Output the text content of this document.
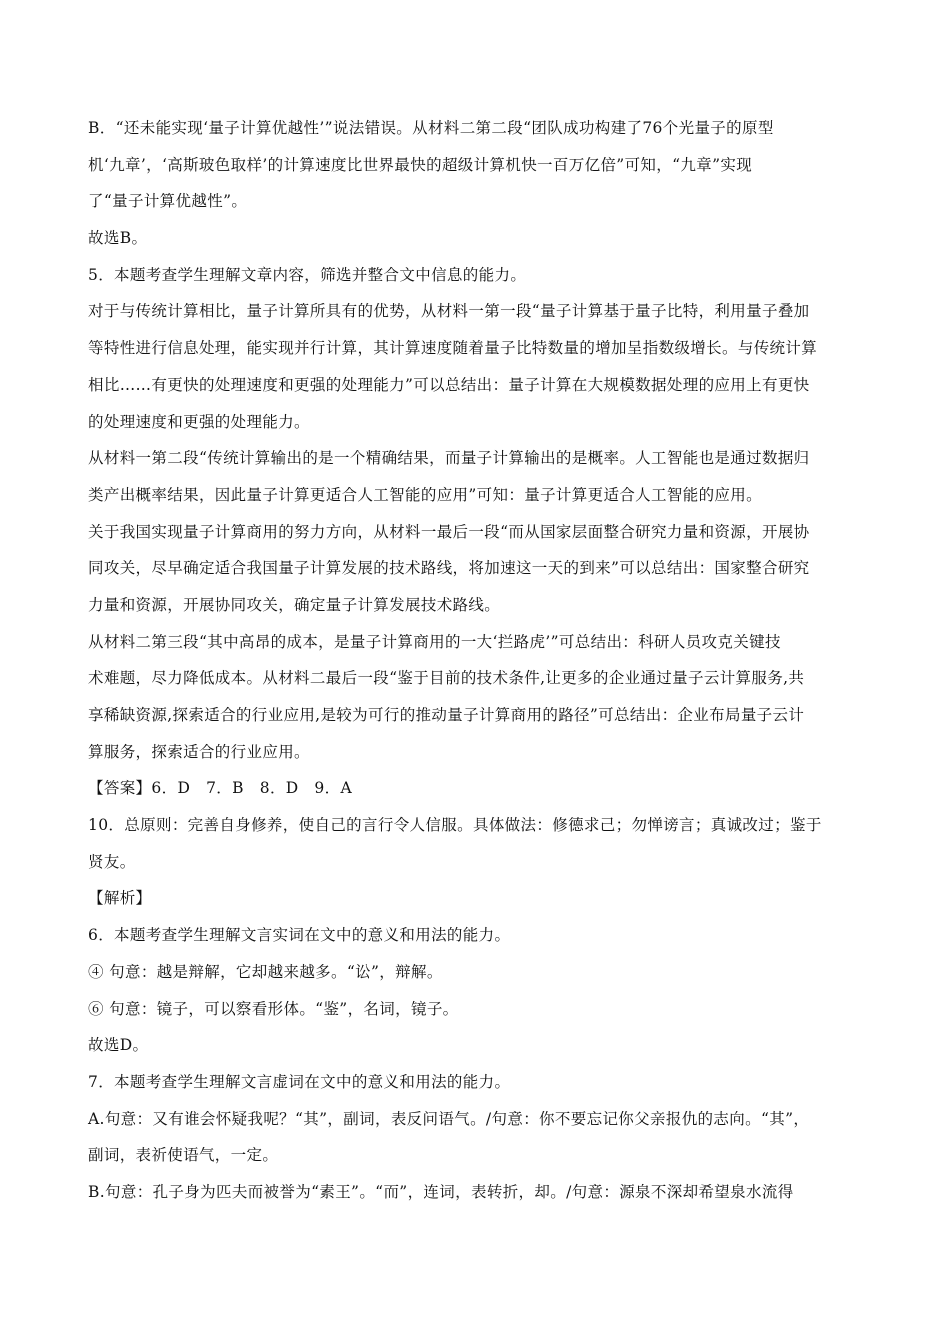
B．“还未能实现‘量子计算优越性’”说法错误。从材料二第二段“团队成功构建了76个光量子的原型
机‘九章’，‘高斯玻色取样’的计算速度比世界最快的超级计算机快一百万亿倍”可知，“九章”实现
了“量子计算优越性”。
故选B。
5．本题考查学生理解文章内容，筛选并整合文中信息的能力。
对于与传统计算相比，量子计算所具有的优势，从材料一第一段“量子计算基于量子比特，利用量子叠加
等特性进行信息处理，能实现并行计算，其计算速度随着量子比特数量的增加呈指数级增长。与传统计算
相比……有更快的处理速度和更强的处理能力”可以总结出：量子计算在大规模数据处理的应用上有更快
的处理速度和更强的处理能力。
从材料一第二段“传统计算输出的是一个精确结果，而量子计算输出的是概率。人工智能也是通过数据归
类产出概率结果，因此量子计算更适合人工智能的应用”可知：量子计算更适合人工智能的应用。
关于我国实现量子计算商用的努力方向，从材料一最后一段“而从国家层面整合研究力量和资源，开展协
同攻关，尽早确定适合我国量子计算发展的技术路线，将加速这一天的到来”可以总结出：国家整合研究
力量和资源，开展协同攻关，确定量子计算发展技术路线。
从材料二第三段“其中高昂的成本，是量子计算商用的一大‘拦路虎’”可总结出：科研人员攻克关键技
术难题，尽力降低成本。从材料二最后一段“鉴于目前的技术条件,让更多的企业通过量子云计算服务,共
享稀缺资源,探索适合的行业应用,是较为可行的推动量子计算商用的路径”可总结出：企业布局量子云计
算服务，探索适合的行业应用。
【答案】6．D　7．B　8．D　9．A
10．总原则：完善自身修养，使自己的言行令人信服。具体做法：修德求己；勿惮谤言；真诚改过；鉴于
贤友。
【解析】
6．本题考查学生理解文言实词在文中的意义和用法的能力。
④ 句意：越是辩解，它却越来越多。“讼”，辩解。
⑥ 句意：镜子，可以察看形体。“鉴”，名词，镜子。
故选D。
7．本题考查学生理解文言虚词在文中的意义和用法的能力。
A.句意：又有谁会怀疑我呢？“其”，副词，表反问语气。/句意：你不要忘记你父亲报仇的志向。“其”，
副词，表祈使语气，一定。
B.句意：孔子身为匹夫而被誉为“素王”。“而”，连词，表转折，却。/句意：源泉不深却希望泉水流得
